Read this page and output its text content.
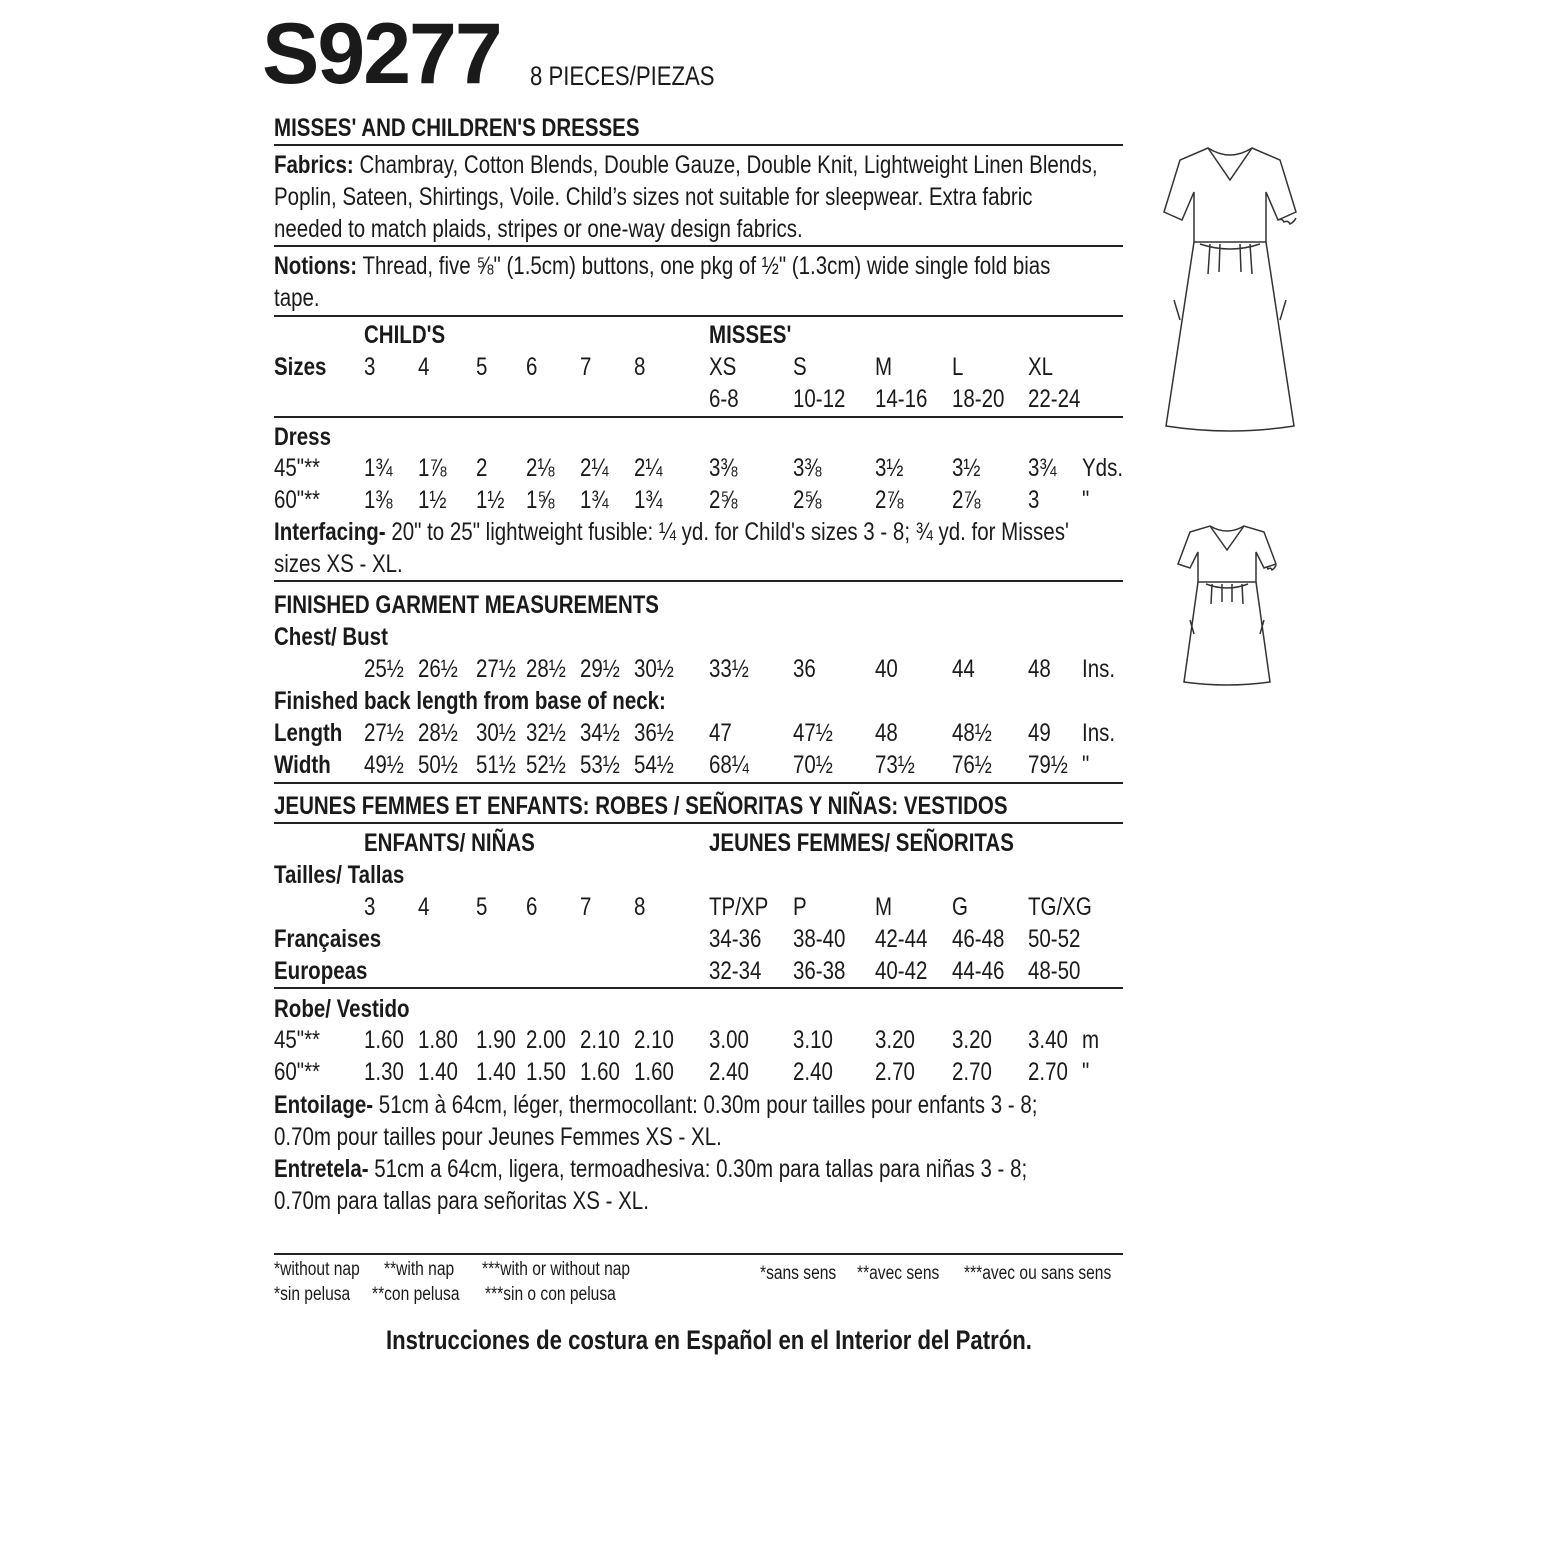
S9277 8 PIECES/PIEZAS
MISSES' AND CHILDREN'S DRESSES
Fabrics: Chambray, Cotton Blends, Double Gauze, Double Knit, Lightweight Linen Blends,
Poplin, Sateen, Shirtings, Voile. Child’s sizes not suitable for sleepwear. Extra fabric
needed to match plaids, stripes or one-way design fabrics.
Notions: Thread, five ⅝" (1.5cm) buttons, one pkg of ½" (1.3cm) wide single fold bias
tape.
CHILD'S	MISSES'
Sizes 3 4 5 6 7 8	XS S	M L	XL
6-8 10-12 14-16 18-20 22-24
Dress
45"** 1¾ 1⅞ 2 2⅛ 2¼ 2¼ 3⅜ 3⅜ 3½ 3½ 3¾ Yds.
60"** 1⅜ 1½ 1½ 1⅝ 1¾ 1¾ 2⅝ 2⅝ 2⅞ 2⅞ 3 "
Interfacing- 20" to 25" lightweight fusible: ¼ yd. for Child's sizes 3 - 8; ¾ yd. for Misses'
sizes XS - XL.
FINISHED GARMENT MEASUREMENTS
Chest/ Bust
25½ 26½ 27½ 28½ 29½ 30½ 33½ 36 40 44 48 Ins.
Finished back length from base of neck:
Length 27½ 28½ 30½ 32½ 34½ 36½ 47 47½ 48 48½ 49 Ins.
Width 49½ 50½ 51½ 52½ 53½ 54½ 68¼ 70½ 73½ 76½ 79½ "
JEUNES FEMMES ET ENFANTS: ROBES / SEÑORITAS Y NIÑAS: VESTIDOS
ENFANTS/ NIÑAS	JEUNES FEMMES/ SEÑORITAS
Tailles/ Tallas
3 4 5 6 7 8	TP/XP P	M G TG/XG
Françaises	34-36 38-40 42-44 46-48 50-52
Europeas	32-34 36-38 40-42 44-46 48-50
Robe/ Vestido
45"** 1.60 1.80 1.90 2.00 2.10 2.10 3.00 3.10 3.20 3.20 3.40 m
60"** 1.30 1.40 1.40 1.50 1.60 1.60 2.40 2.40 2.70 2.70 2.70 "
Entoilage- 51cm à 64cm, léger, thermocollant: 0.30m pour tailles pour enfants 3 - 8;
0.70m pour tailles pour Jeunes Femmes XS - XL.
Entretela- 51cm a 64cm, ligera, termoadhesiva: 0.30m para tallas para niñas 3 - 8;
0.70m para tallas para señoritas XS - XL.
*without nap **with nap ***with or without nap
*sin pelusa **con pelusa ***sin o con pelusa
*sans sens **avec sens ***avec ou sans sens
Instrucciones de costura en Español en el Interior del Patrón.
